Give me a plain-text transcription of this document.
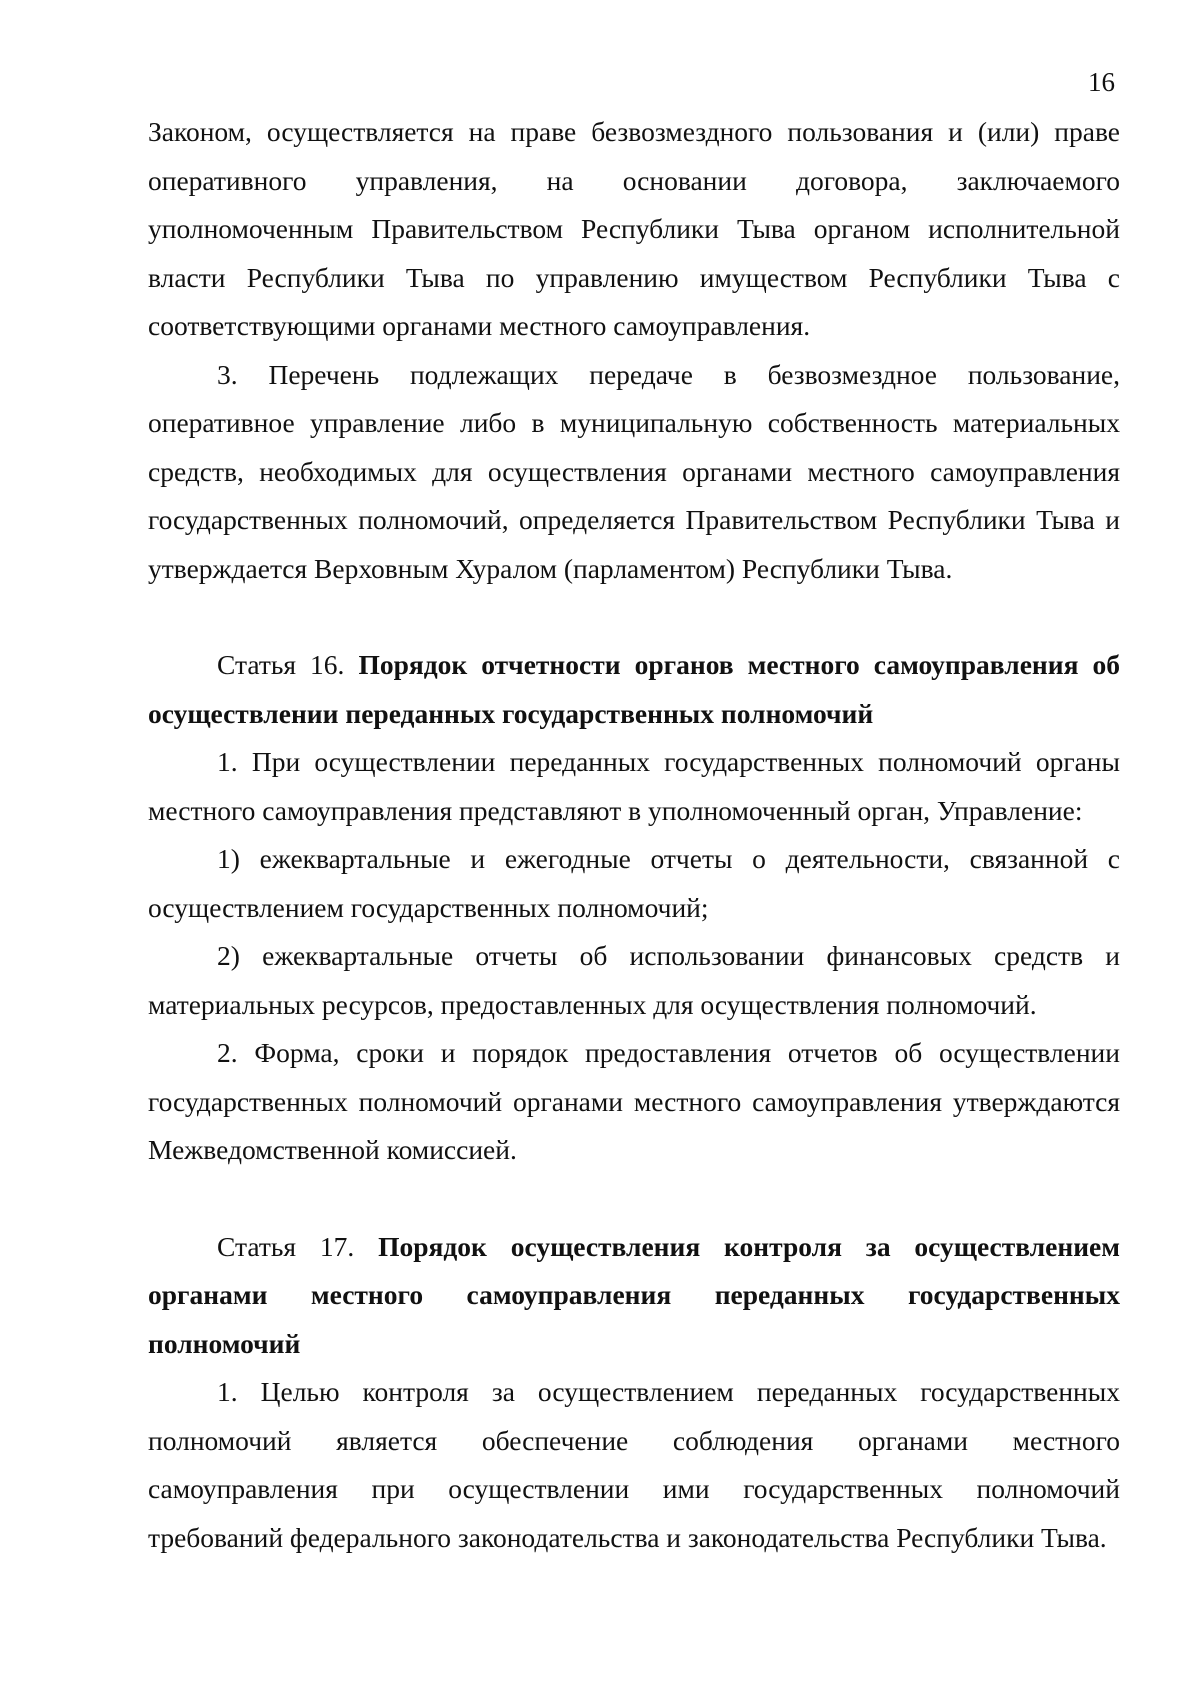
16

Законом, осуществляется на праве безвозмездного пользования и (или) праве оперативного управления, на основании договора, заключаемого уполномоченным Правительством Республики Тыва органом исполнительной власти Республики Тыва по управлению имуществом Республики Тыва с соответствующими органами местного самоуправления.

3. Перечень подлежащих передаче в безвозмездное пользование, оперативное управление либо в муниципальную собственность материальных средств, необходимых для осуществления органами местного самоуправления государственных полномочий, определяется Правительством Республики Тыва и утверждается Верховным Хуралом (парламентом) Республики Тыва.

Статья 16. Порядок отчетности органов местного самоуправления об осуществлении переданных государственных полномочий

1. При осуществлении переданных государственных полномочий органы местного самоуправления представляют в уполномоченный орган, Управление:

1) ежеквартальные и ежегодные отчеты о деятельности, связанной с осуществлением государственных полномочий;

2) ежеквартальные отчеты об использовании финансовых средств и материальных ресурсов, предоставленных для осуществления полномочий.

2. Форма, сроки и порядок предоставления отчетов об осуществлении государственных полномочий органами местного самоуправления утверждаются Межведомственной комиссией.

Статья 17. Порядок осуществления контроля за осуществлением органами местного самоуправления переданных государственных полномочий

1. Целью контроля за осуществлением переданных государственных полномочий является обеспечение соблюдения органами местного самоуправления при осуществлении ими государственных полномочий требований федерального законодательства и законодательства Республики Тыва.
